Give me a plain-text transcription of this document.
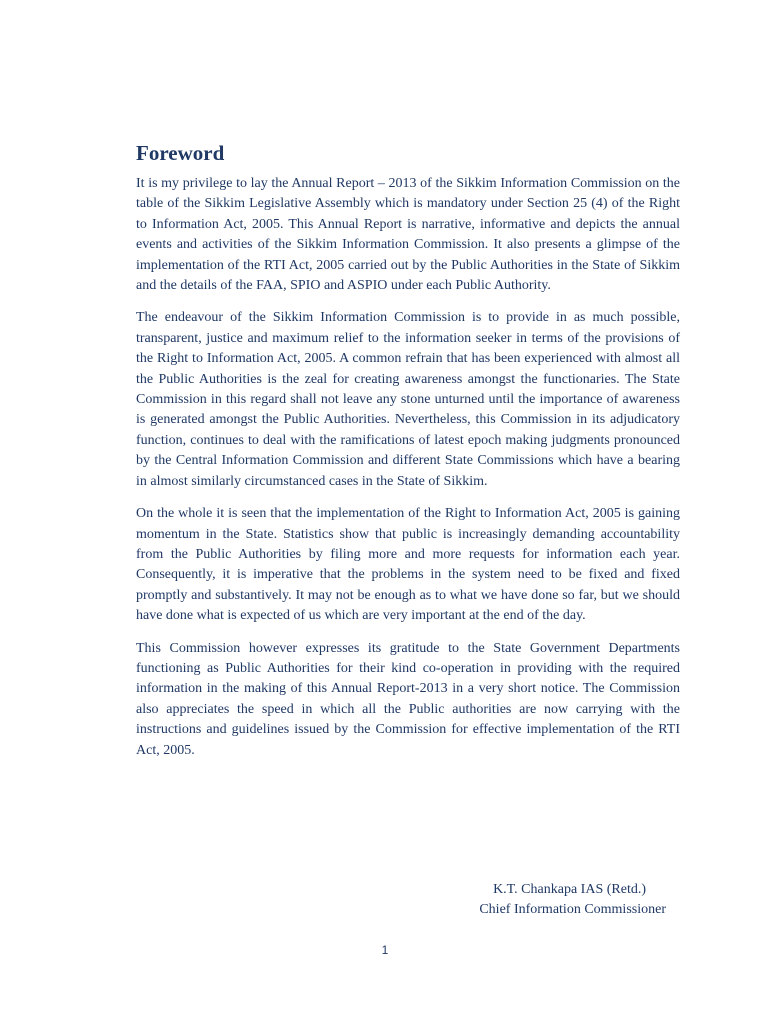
Foreword

It is my privilege to lay the Annual Report – 2013 of the Sikkim Information Commission on the table of the Sikkim Legislative Assembly which is mandatory under Section 25 (4) of the Right to Information Act, 2005. This Annual Report is narrative, informative and depicts the annual events and activities of the Sikkim Information Commission. It also presents a glimpse of the implementation of the RTI Act, 2005 carried out by the Public Authorities in the State of Sikkim and the details of the FAA, SPIO and ASPIO under each Public Authority.

The endeavour of the Sikkim Information Commission is to provide in as much possible, transparent, justice and maximum relief to the information seeker in terms of the provisions of the Right to Information Act, 2005. A common refrain that has been experienced with almost all the Public Authorities is the zeal for creating awareness amongst the functionaries. The State Commission in this regard shall not leave any stone unturned until the importance of awareness is generated amongst the Public Authorities. Nevertheless, this Commission in its adjudicatory function, continues to deal with the ramifications of latest epoch making judgments pronounced by the Central Information Commission and different State Commissions which have a bearing in almost similarly circumstanced cases in the State of Sikkim.

On the whole it is seen that the implementation of the Right to Information Act, 2005 is gaining momentum in the State. Statistics show that public is increasingly demanding accountability from the Public Authorities by filing more and more requests for information each year. Consequently, it is imperative that the problems in the system need to be fixed and fixed promptly and substantively. It may not be enough as to what we have done so far, but we should have done what is expected of us which are very important at the end of the day.

This Commission however expresses its gratitude to the State Government Departments functioning as Public Authorities for their kind co-operation in providing with the required information in the making of this Annual Report-2013 in a very short notice. The Commission also appreciates the speed in which all the Public authorities are now carrying with the instructions and guidelines issued by the Commission for effective implementation of the RTI Act, 2005.

K.T. Chankapa IAS (Retd.)
Chief Information Commissioner
1
